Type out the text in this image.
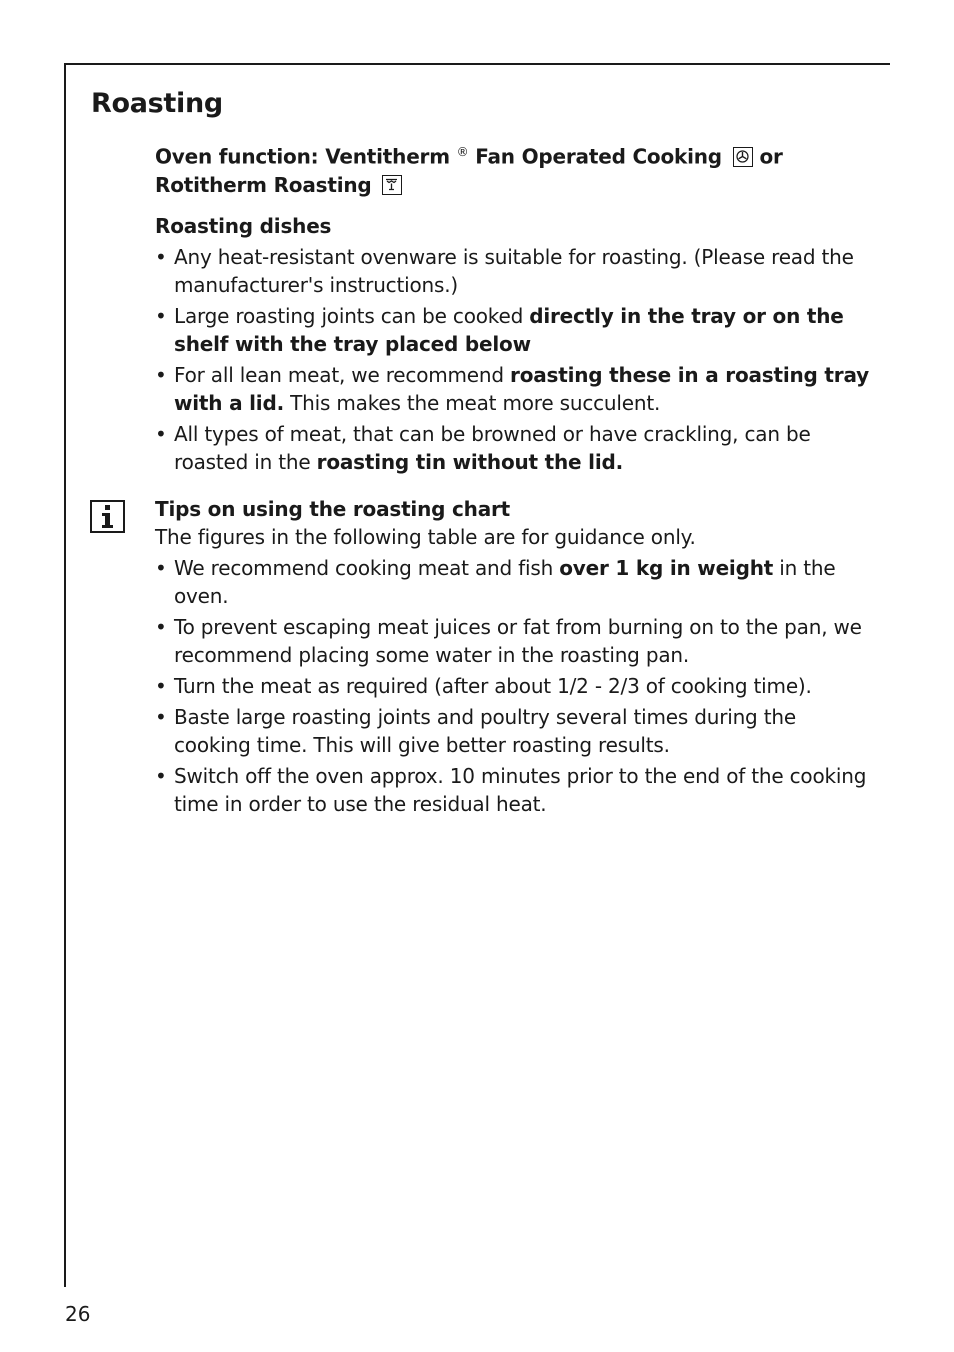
Roasting
Oven function: Ventitherm ® Fan Operated Cooking
or
Rotitherm Roasting
Roasting dishes
• Any heat-resistant ovenware is suitable for roasting. (Please read the manufacturer's instructions.)
• Large roasting joints can be cooked directly in the tray or on the shelf with the tray placed below
• For all lean meat, we recommend roasting these in a roasting tray with a lid. This makes the meat more succulent.
• All types of meat, that can be browned or have crackling, can be roasted in the roasting tin without the lid.
Tips on using the roasting chart
The figures in the following table are for guidance only.
• We recommend cooking meat and fish over 1 kg in weight in the oven.
• To prevent escaping meat juices or fat from burning on to the pan, we recommend placing some water in the roasting pan.
• Turn the meat as required (after about 1/2 - 2/3 of cooking time).
• Baste large roasting joints and poultry several times during the cooking time. This will give better roasting results.
• Switch off the oven approx. 10 minutes prior to the end of the cooking time in order to use the residual heat.
26
